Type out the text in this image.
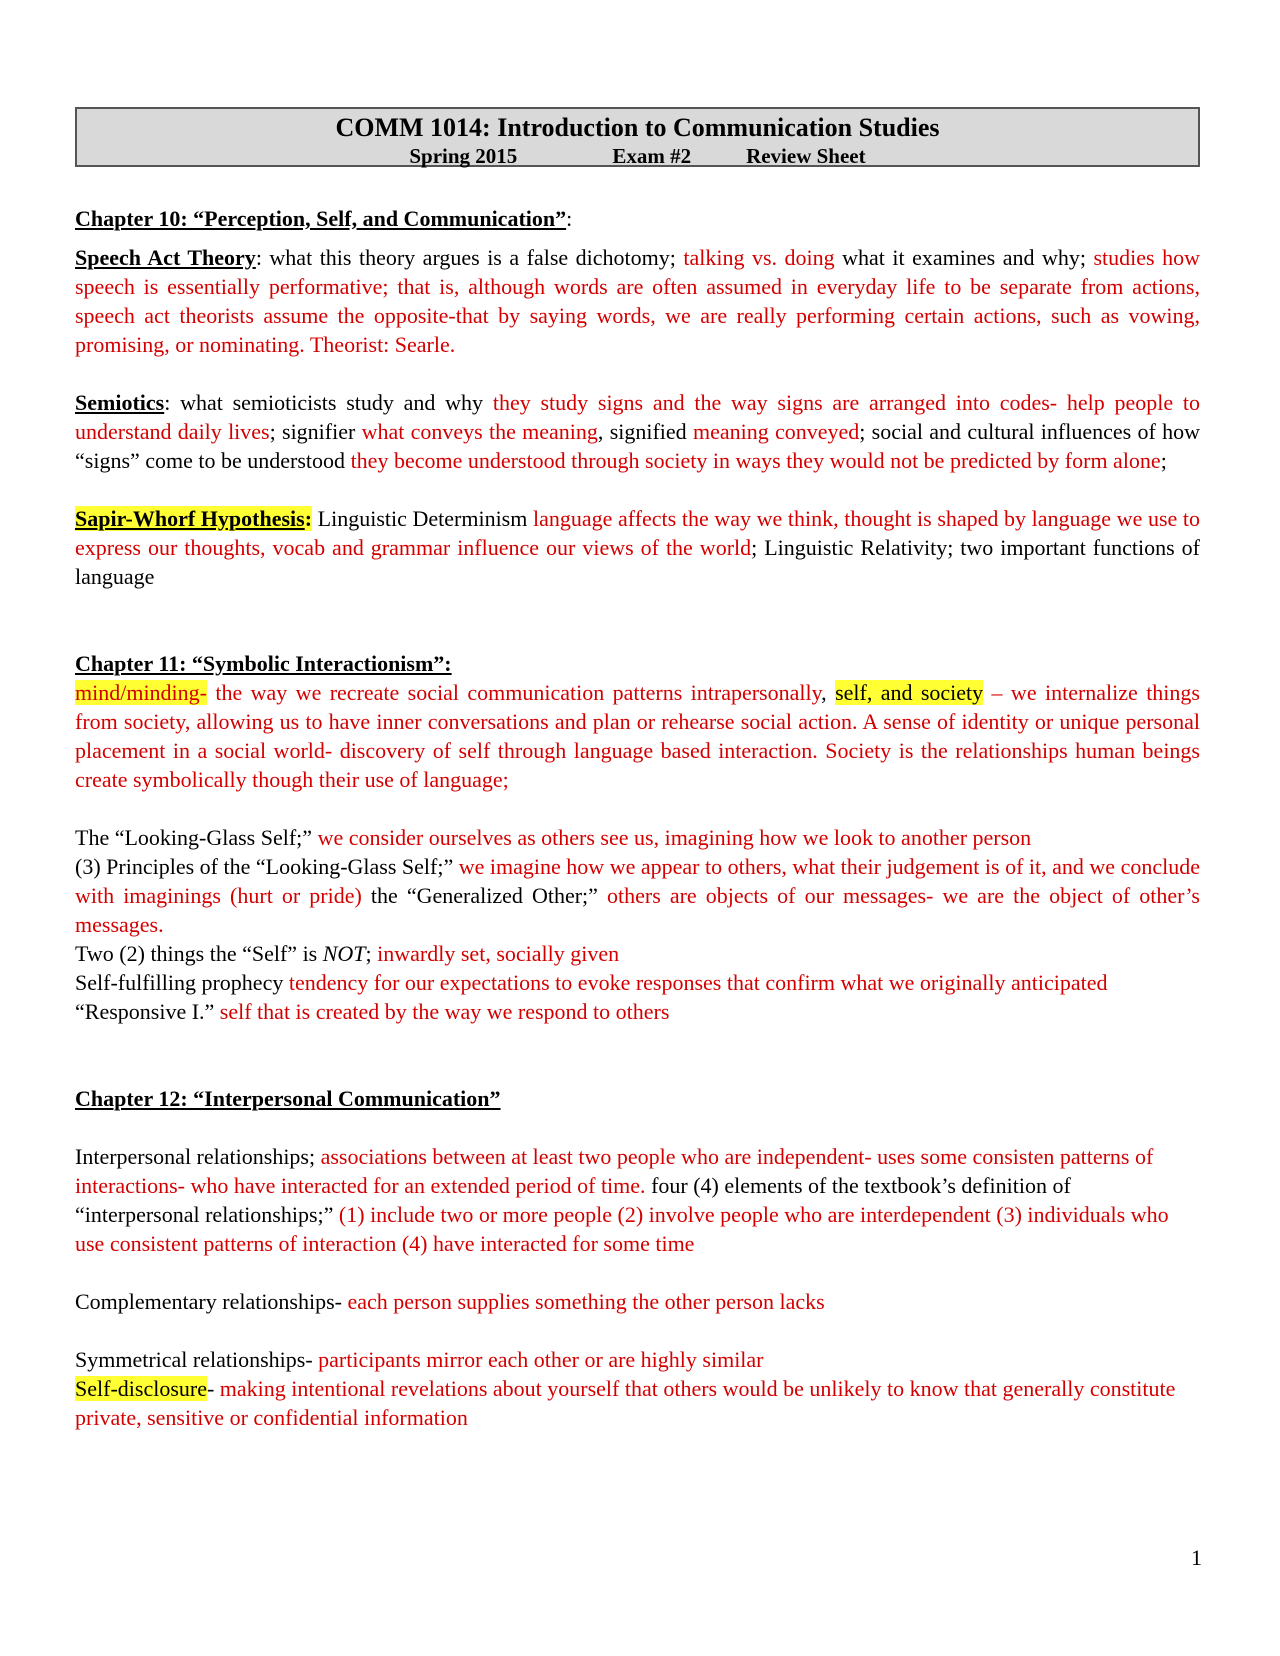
COMM 1014: Introduction to Communication Studies
Spring 2015	Exam #2	Review Sheet

Chapter 10: “Perception, Self, and Communication”:

Speech Act Theory: what this theory argues is a false dichotomy; talking vs. doing what it examines and why; studies how speech is essentially performative; that is, although words are often assumed in everyday life to be separate from actions, speech act theorists assume the opposite-that by saying words, we are really performing certain actions, such as vowing, promising, or nominating. Theorist: Searle.

Semiotics: what semioticists study and why they study signs and the way signs are arranged into codes- help people to understand daily lives; signifier what conveys the meaning, signified meaning conveyed; social and cultural influences of how “signs” come to be understood they become understood through society in ways they would not be predicted by form alone;

Sapir-Whorf Hypothesis: Linguistic Determinism language affects the way we think, thought is shaped by language we use to express our thoughts, vocab and grammar influence our views of the world; Linguistic Relativity; two important functions of language

Chapter 11: “Symbolic Interactionism”:

mind/minding- the way we recreate social communication patterns intrapersonally, self, and society – we internalize things from society, allowing us to have inner conversations and plan or rehearse social action. A sense of identity or unique personal placement in a social world- discovery of self through language based interaction. Society is the relationships human beings create symbolically though their use of language;

The “Looking-Glass Self;” we consider ourselves as others see us, imagining how we look to another person

(3) Principles of the “Looking-Glass Self;” we imagine how we appear to others, what their judgement is of it, and we conclude with imaginings (hurt or pride) the “Generalized Other;” others are objects of our messages- we are the object of other’s messages.

Two (2) things the “Self” is NOT; inwardly set, socially given

Self-fulfilling prophecy tendency for our expectations to evoke responses that confirm what we originally anticipated

“Responsive I.” self that is created by the way we respond to others

Chapter 12: “Interpersonal Communication”

Interpersonal relationships; associations between at least two people who are independent- uses some consisten patterns of interactions- who have interacted for an extended period of time. four (4) elements of the textbook’s definition of “interpersonal relationships;” (1) include two or more people (2) involve people who are interdependent (3) individuals who use consistent patterns of interaction (4) have interacted for some time

Complementary relationships- each person supplies something the other person lacks

Symmetrical relationships- participants mirror each other or are highly similar

Self-disclosure- making intentional revelations about yourself that others would be unlikely to know that generally constitute private, sensitive or confidential information

1
